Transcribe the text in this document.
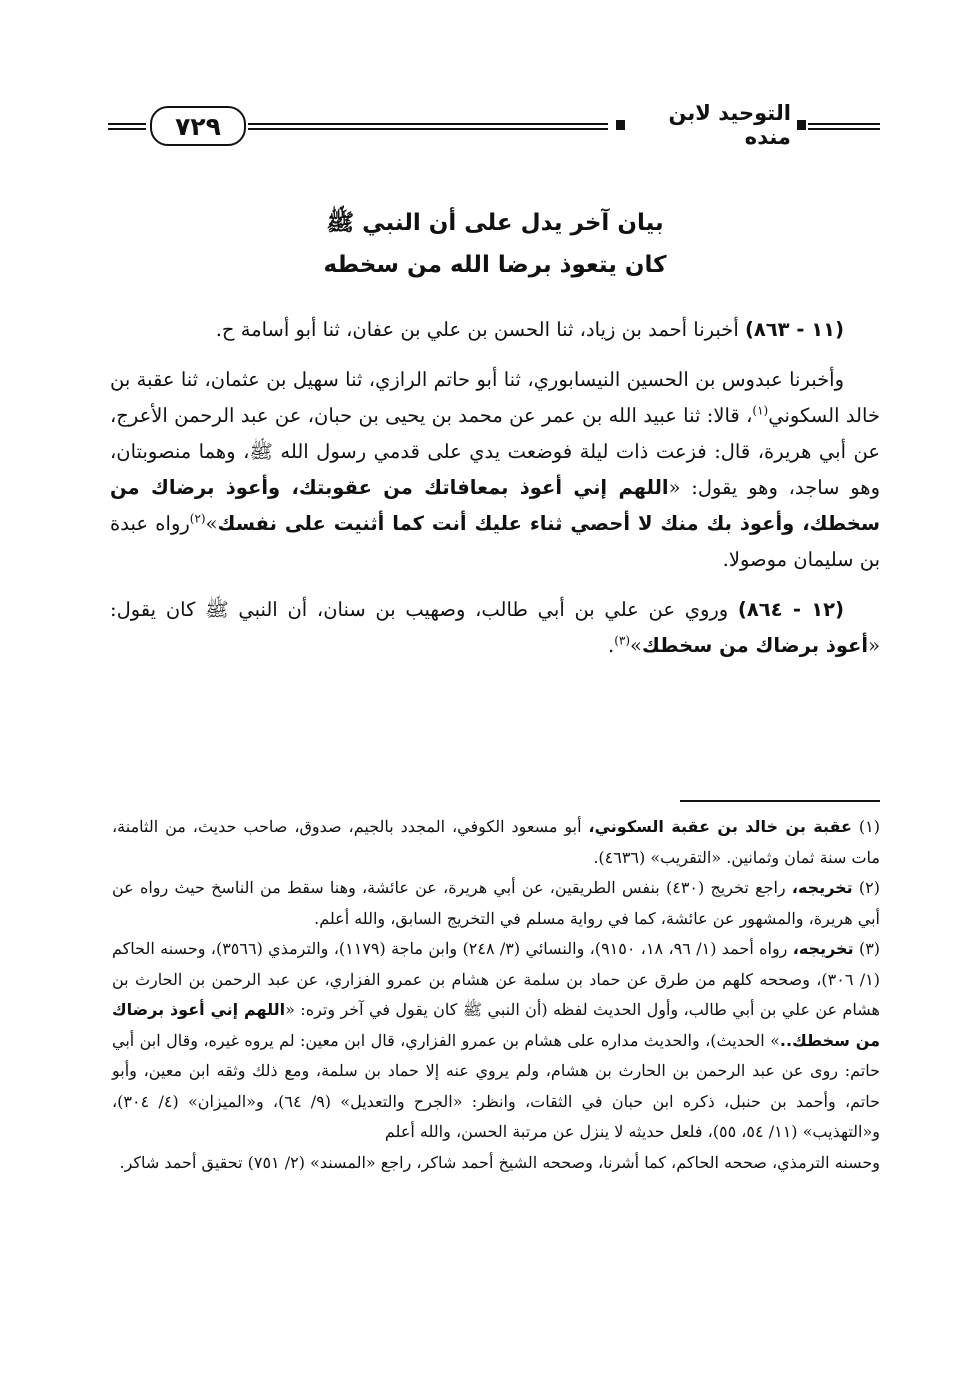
التوحيد لابن منده
٧٢٩
بيان آخر يدل على أن النبي ﷺ
كان يتعوذ برضا الله من سخطه

(١١ - ٨٦٣) أخبرنا أحمد بن زياد، ثنا الحسن بن علي بن عفان، ثنا أبو أسامة ح.

وأخبرنا عبدوس بن الحسين النيسابوري، ثنا أبو حاتم الرازي، ثنا سهيل بن عثمان، ثنا عقبة بن خالد السكوني$^{(١)}$، قالا: ثنا عبيد الله بن عمر عن محمد بن يحيى بن حبان، عن عبد الرحمن الأعرج، عن أبي هريرة، قال: فزعت ذات ليلة فوضعت يدي على قدمي رسول الله ﷺ، وهما منصوبتان، وهو ساجد، وهو يقول: «اللهم إني أعوذ بمعافاتك من عقوبتك، وأعوذ برضاك من سخطك، وأعوذ بك منك لا أحصي ثناء عليك أنت كما أثنيت على نفسك»$^{(٢)}$رواه عبدة بن سليمان موصولا.

(١٢ - ٨٦٤) وروي عن علي بن أبي طالب، وصهيب بن سنان، أن النبي ﷺ كان يقول: «أعوذ برضاك من سخطك»$^{(٣)}$.

(١) عقبة بن خالد بن عقبة السكوني، أبو مسعود الكوفي، المجدد بالجيم، صدوق، صاحب حديث، من الثامنة، مات سنة ثمان وثمانين. «التقريب» (٤٦٣٦).

(٢) تخريجه، راجع تخريج (٤٣٠) بنفس الطريقين، عن أبي هريرة، عن عائشة، وهنا سقط من الناسخ حيث رواه عن أبي هريرة، والمشهور عن عائشة، كما في رواية مسلم في التخريج السابق، والله أعلم.

(٣) تخريجه، رواه أحمد (١/ ٩٦، ١٨، ٩١٥٠)، والنسائي (٣/ ٢٤٨) وابن ماجة (١١٧٩)، والترمذي (٣٥٦٦)، وحسنه الحاكم (١/ ٣٠٦)، وصححه كلهم من طرق عن حماد بن سلمة عن هشام بن عمرو الفزاري، عن عبد الرحمن بن الحارث بن هشام عن علي بن أبي طالب، وأول الحديث لفظه (أن النبي ﷺ كان يقول في آخر وتره: «اللهم إني أعوذ برضاك من سخطك..» الحديث)، والحديث مداره على هشام بن عمرو الفزاري، قال ابن معين: لم يروه غيره، وقال ابن أبي حاتم: روى عن عبد الرحمن بن الحارث بن هشام، ولم يروي عنه إلا حماد بن سلمة، ومع ذلك وثقه ابن معين، وأبو حاتم، وأحمد بن حنبل، ذكره ابن حبان في الثقات، وانظر: «الجرح والتعديل» (٩/ ٦٤)، و«الميزان» (٤/ ٣٠٤)، و«التهذيب» (١١/ ٥٤، ٥٥)، فلعل حديثه لا ينزل عن مرتبة الحسن، والله أعلم

وحسنه الترمذي، صححه الحاكم، كما أشرنا، وصححه الشيخ أحمد شاكر، راجع «المسند» (٢/ ٧٥١) تحقيق أحمد شاكر.
